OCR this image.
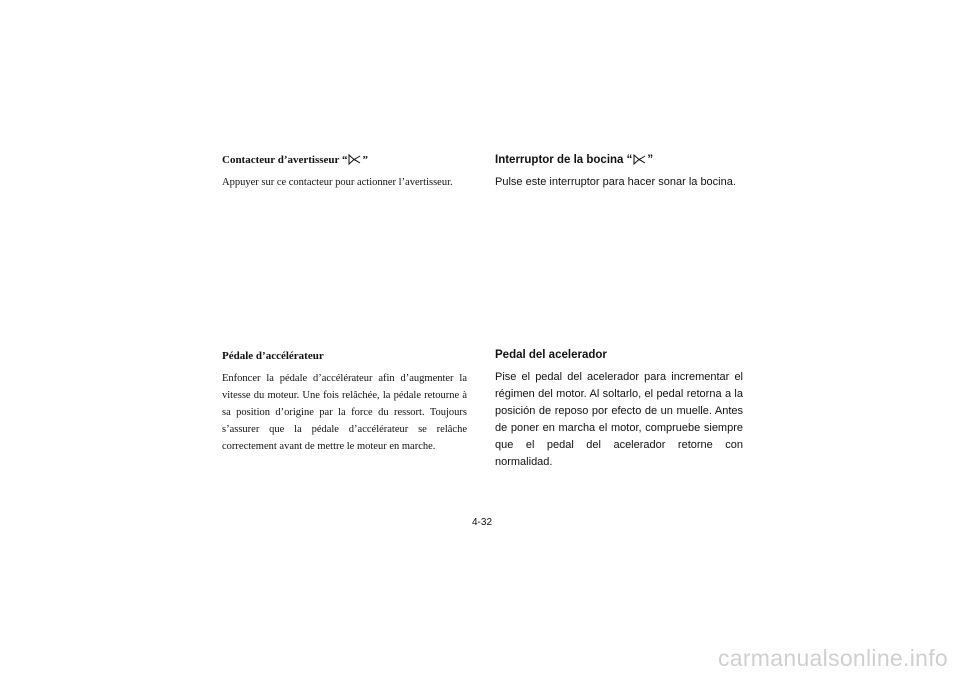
Contacteur d’avertisseur “ ”

Appuyer sur ce contacteur pour actionner l’avertisseur.

Pédale d’accélérateur

Enfoncer la pédale d’accélérateur afin d’augmenter la vitesse du moteur. Une fois relâchée, la pédale retourne à sa position d’origine par la force du ressort. Toujours s’assurer que la pédale d’accélérateur se relâche correctement avant de mettre le moteur en marche.

Interruptor de la bocina “ ”

Pulse este interruptor para hacer sonar la bocina.

Pedal del acelerador

Pise el pedal del acelerador para incrementar el régimen del motor. Al soltarlo, el pedal retorna a la posición de reposo por efecto de un muelle. Antes de poner en marcha el motor, compruebe siempre que el pedal del acelerador retorne con normalidad.

4-32
carmanualsonline.info
